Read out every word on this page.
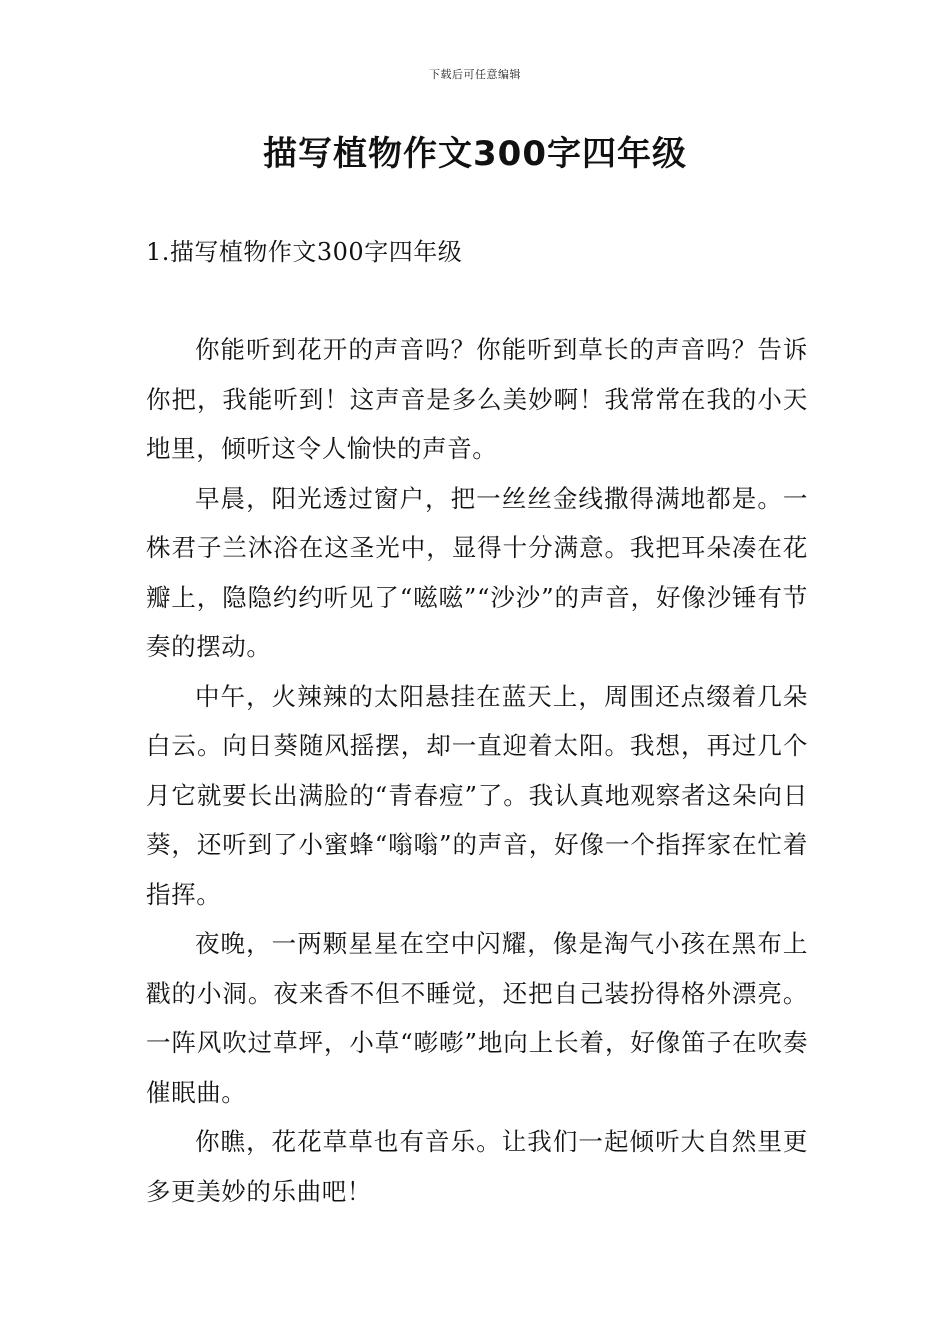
下载后可任意编辑
描写植物作文300字四年级
1.描写植物作文300字四年级

你能听到花开的声音吗？你能听到草长的声音吗？告诉你把，我能听到！这声音是多么美妙啊！我常常在我的小天地里，倾听这令人愉快的声音。

早晨，阳光透过窗户，把一丝丝金线撒得满地都是。一株君子兰沐浴在这圣光中，显得十分满意。我把耳朵凑在花瓣上，隐隐约约听见了“嗞嗞”“沙沙”的声音，好像沙锤有节奏的摆动。

中午，火辣辣的太阳悬挂在蓝天上，周围还点缀着几朵白云。向日葵随风摇摆，却一直迎着太阳。我想，再过几个月它就要长出满脸的“青春痘”了。我认真地观察者这朵向日葵，还听到了小蜜蜂“嗡嗡”的声音，好像一个指挥家在忙着指挥。

夜晚，一两颗星星在空中闪耀，像是淘气小孩在黑布上戳的小洞。夜来香不但不睡觉，还把自己装扮得格外漂亮。一阵风吹过草坪，小草“嘭嘭”地向上长着，好像笛子在吹奏催眠曲。

你瞧，花花草草也有音乐。让我们一起倾听大自然里更多更美妙的乐曲吧！
